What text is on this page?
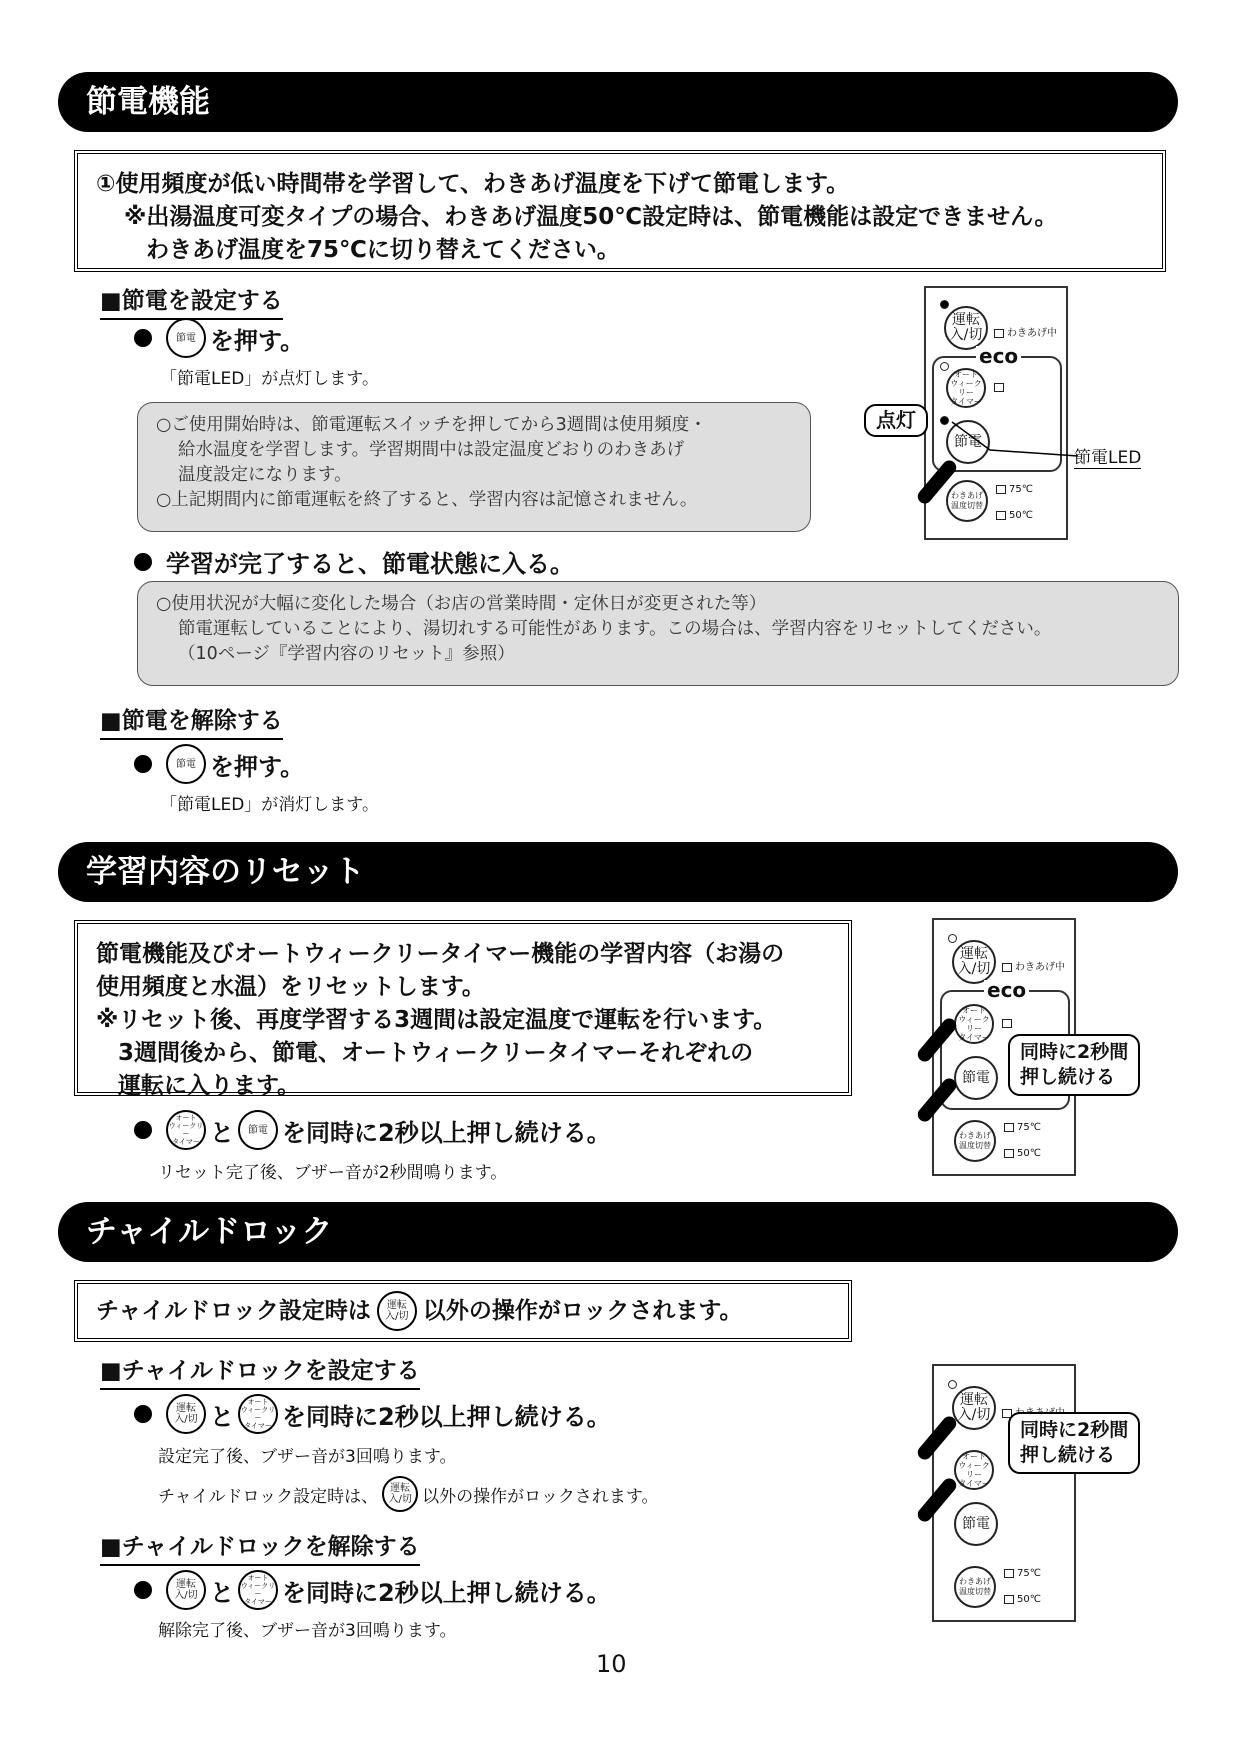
節電機能
①使用頻度が低い時間帯を学習して、わきあげ温度を下げて節電します。
※出湯温度可変タイプの場合、わきあげ温度50℃設定時は、節電機能は設定できません。
わきあげ温度を75℃に切り替えてください。
■節電を設定する
節電 を押す。
「節電LED」が点灯します。
○ご使用開始時は、節電運転スイッチを押してから3週間は使用頻度・
給水温度を学習します。学習期間中は設定温度どおりのわきあげ
温度設定になります。
○上記期間内に節電運転を終了すると、学習内容は記憶されません。
学習が完了すると、節電状態に入る。
○使用状況が大幅に変化した場合（お店の営業時間・定休日が変更された等）
節電運転していることにより、湯切れする可能性があります。この場合は、学習内容をリセットしてください。
（10ページ『学習内容のリセット』参照）
■節電を解除する
節電 を押す。
「節電LED」が消灯します。
運転
入/切	わきあげ中
eco
オート
ウィークリー
タイマー
節電
わきあげ
温度切替
75℃
50℃
点灯
節電LED
学習内容のリセット
節電機能及びオートウィークリータイマー機能の学習内容（お湯の
使用頻度と水温）をリセットします。
※リセット後、再度学習する3週間は設定温度で運転を行います。
3週間後から、節電、オートウィークリータイマーそれぞれの
運転に入ります。
オート
ウィークリー
タイマー と	節電 を同時に2秒以上押し続ける。
リセット完了後、ブザー音が2秒間鳴ります。
運転
入/切	わきあげ中
eco
オート
ウィークリー
タイマー
節電
わきあげ
温度切替
75℃
50℃
同時に2秒間
押し続ける
チャイルドロック
チャイルドロック設定時は 運転
入/切 以外の操作がロックされます。
■チャイルドロックを設定する
運転
入/切 と
オート
ウィークリー
タイマー を同時に2秒以上押し続ける。
設定完了後、ブザー音が3回鳴ります。
チャイルドロック設定時は、 運転
入/切 以外の操作がロックされます。
■チャイルドロックを解除する
運転
入/切 と
オート
ウィークリー
タイマー を同時に2秒以上押し続ける。
解除完了後、ブザー音が3回鳴ります。
運転
入/切
オート
ウィークリー
タイマー
節電
わきあげ
温度切替
75℃
50℃
同時に2秒間
押し続ける
10
